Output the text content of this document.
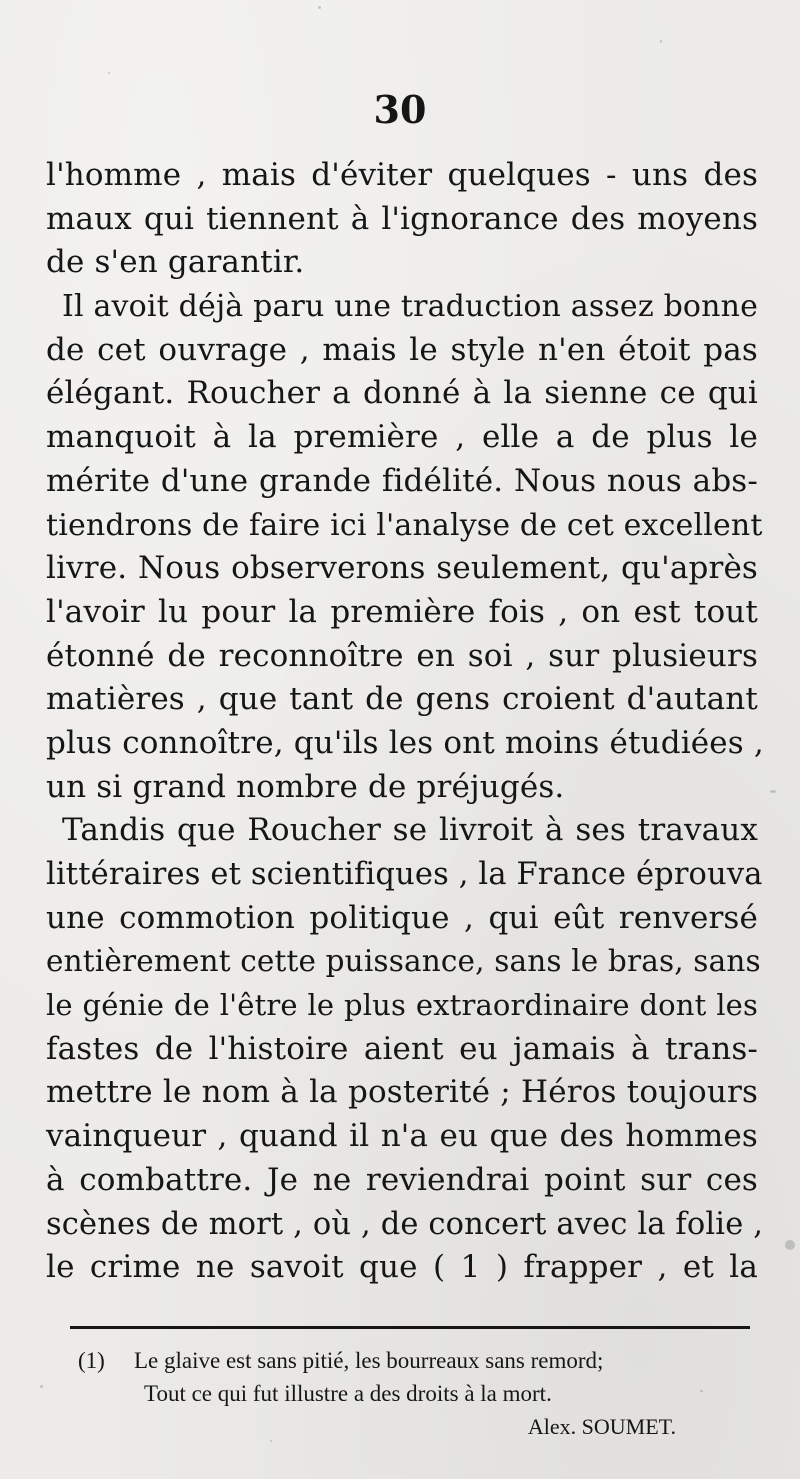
30
l'homme , mais d'éviter quelques - uns des
maux qui tiennent à l'ignorance des moyens
de s'en garantir.
Il avoit déjà paru une traduction assez bonne
de cet ouvrage , mais le style n'en étoit pas
élégant. Roucher a donné à la sienne ce qui
manquoit à la première , elle a de plus le
mérite d'une grande fidélité. Nous nous abs-
tiendrons de faire ici l'analyse de cet excellent
livre. Nous observerons seulement, qu'après
l'avoir lu pour la première fois , on est tout
étonné de reconnoître en soi , sur plusieurs
matières , que tant de gens croient d'autant
plus connoître, qu'ils les ont moins étudiées ,
un si grand nombre de préjugés.
Tandis que Roucher se livroit à ses travaux
littéraires et scientifiques , la France éprouva
une commotion politique , qui eût renversé
entièrement cette puissance, sans le bras, sans
le génie de l'être le plus extraordinaire dont les
fastes de l'histoire aient eu jamais à trans-
mettre le nom à la posterité ; Héros toujours
vainqueur , quand il n'a eu que des hommes
à combattre. Je ne reviendrai point sur ces
scènes de mort , où , de concert avec la folie ,
le crime ne savoit que ( 1 ) frapper , et la
(1) Le glaive est sans pitié, les bourreaux sans remord;
Tout ce qui fut illustre a des droits à la mort.
Alex. SOUMET.
